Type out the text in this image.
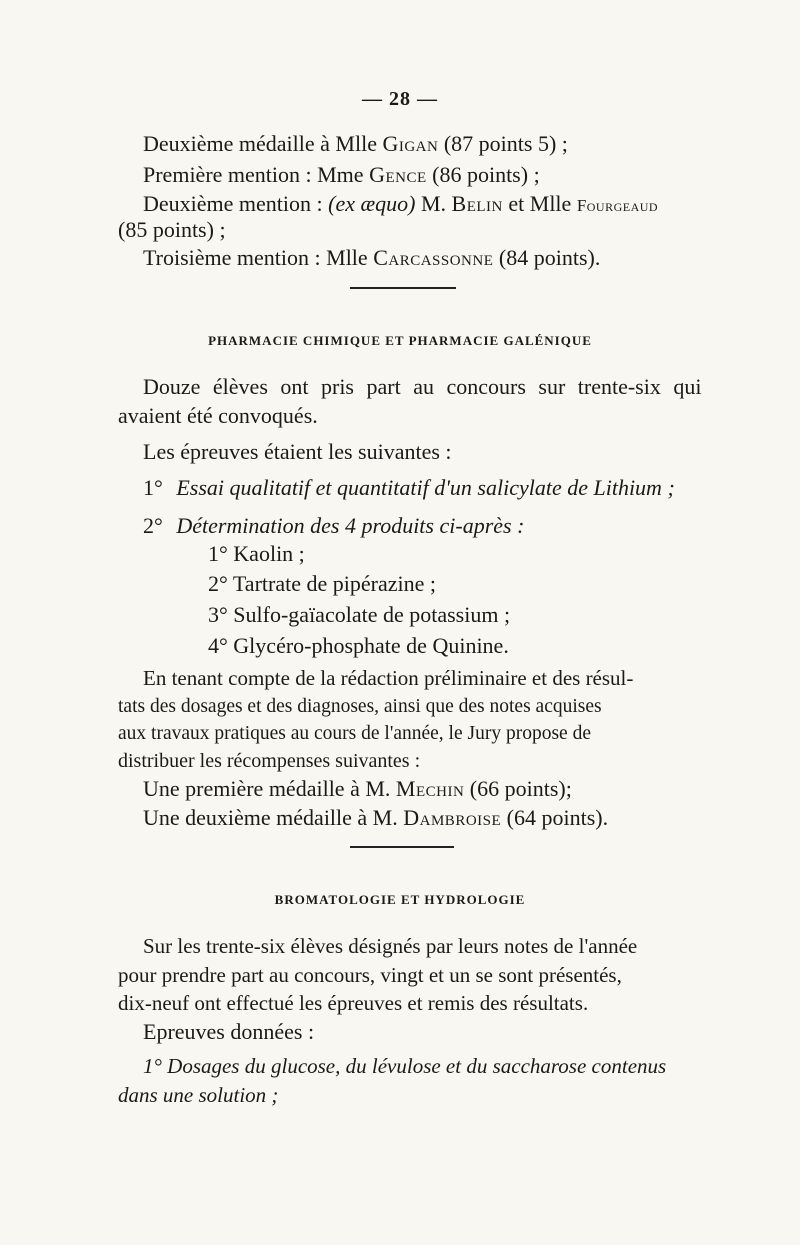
— 28 —
Deuxième médaille à Mlle Gigan (87 points 5) ;
Première mention : Mme Gence (86 points) ;
Deuxième mention : (ex æquo) M. Belin et Mlle Fourgeaud
(85 points) ;
Troisième mention : Mlle Carcassonne (84 points).
PHARMACIE CHIMIQUE ET PHARMACIE GALÉNIQUE
Douze élèves ont pris part au concours sur trente-six qui
avaient été convoqués.
Les épreuves étaient les suivantes :
1° Essai qualitatif et quantitatif d'un salicylate de Lithium ;
2° Détermination des 4 produits ci-après :
1° Kaolin ;
2° Tartrate de pipérazine ;
3° Sulfo-gaïacolate de potassium ;
4° Glycéro-phosphate de Quinine.
En tenant compte de la rédaction préliminaire et des résul-
tats des dosages et des diagnoses, ainsi que des notes acquises
aux travaux pratiques au cours de l'année, le Jury propose de
distribuer les récompenses suivantes :
Une première médaille à M. Mechin (66 points);
Une deuxième médaille à M. Dambroise (64 points).
BROMATOLOGIE ET HYDROLOGIE
Sur les trente-six élèves désignés par leurs notes de l'année
pour prendre part au concours, vingt et un se sont présentés,
dix-neuf ont effectué les épreuves et remis des résultats.
Epreuves données :
1° Dosages du glucose, du lévulose et du saccharose contenus
dans une solution ;
